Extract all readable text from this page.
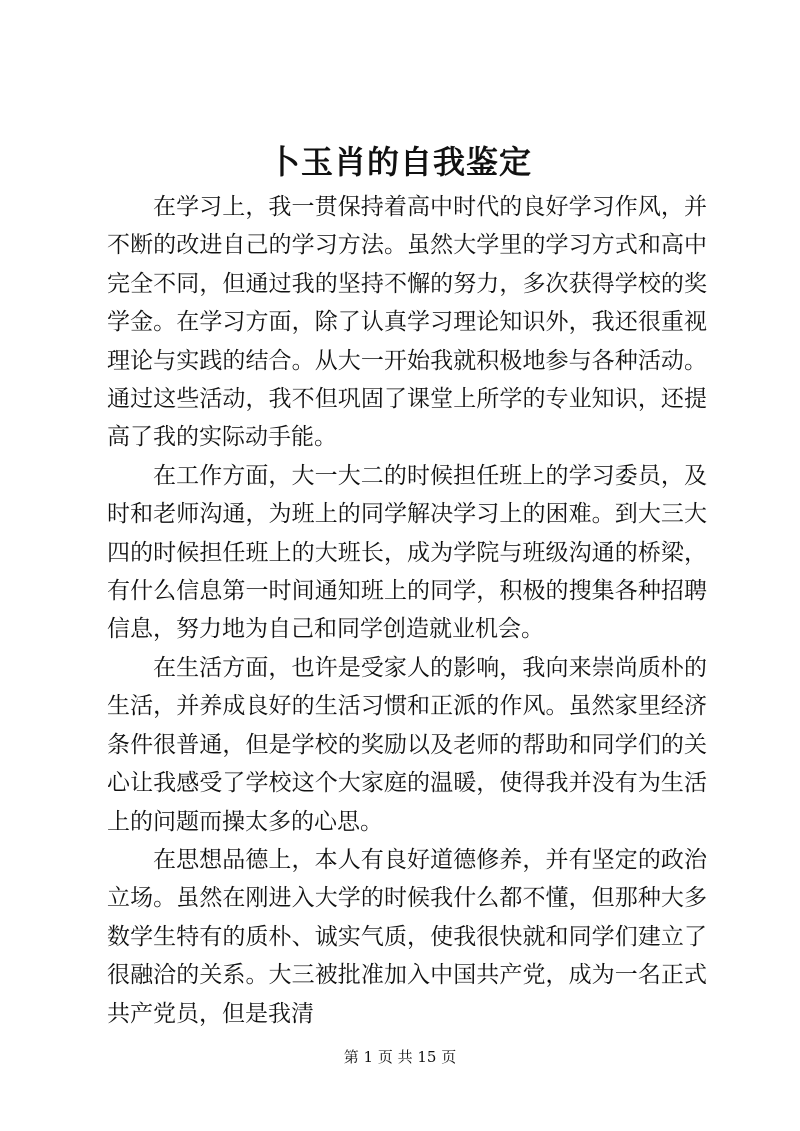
卜玉肖的自我鉴定

在学习上，我一贯保持着高中时代的良好学习作风，并不断的改进自己的学习方法。虽然大学里的学习方式和高中完全不同，但通过我的坚持不懈的努力，多次获得学校的奖学金。在学习方面，除了认真学习理论知识外，我还很重视理论与实践的结合。从大一开始我就积极地参与各种活动。通过这些活动，我不但巩固了课堂上所学的专业知识，还提高了我的实际动手能。

在工作方面，大一大二的时候担任班上的学习委员，及时和老师沟通，为班上的同学解决学习上的困难。到大三大四的时候担任班上的大班长，成为学院与班级沟通的桥梁，有什么信息第一时间通知班上的同学，积极的搜集各种招聘信息，努力地为自己和同学创造就业机会。

在生活方面，也许是受家人的影响，我向来崇尚质朴的生活，并养成良好的生活习惯和正派的作风。虽然家里经济条件很普通，但是学校的奖励以及老师的帮助和同学们的关心让我感受了学校这个大家庭的温暖，使得我并没有为生活上的问题而操太多的心思。

在思想品德上，本人有良好道德修养，并有坚定的政治立场。虽然在刚进入大学的时候我什么都不懂，但那种大多数学生特有的质朴、诚实气质，使我很快就和同学们建立了很融洽的关系。大三被批准加入中国共产党，成为一名正式共产党员，但是我清

第 1 页 共 15 页
